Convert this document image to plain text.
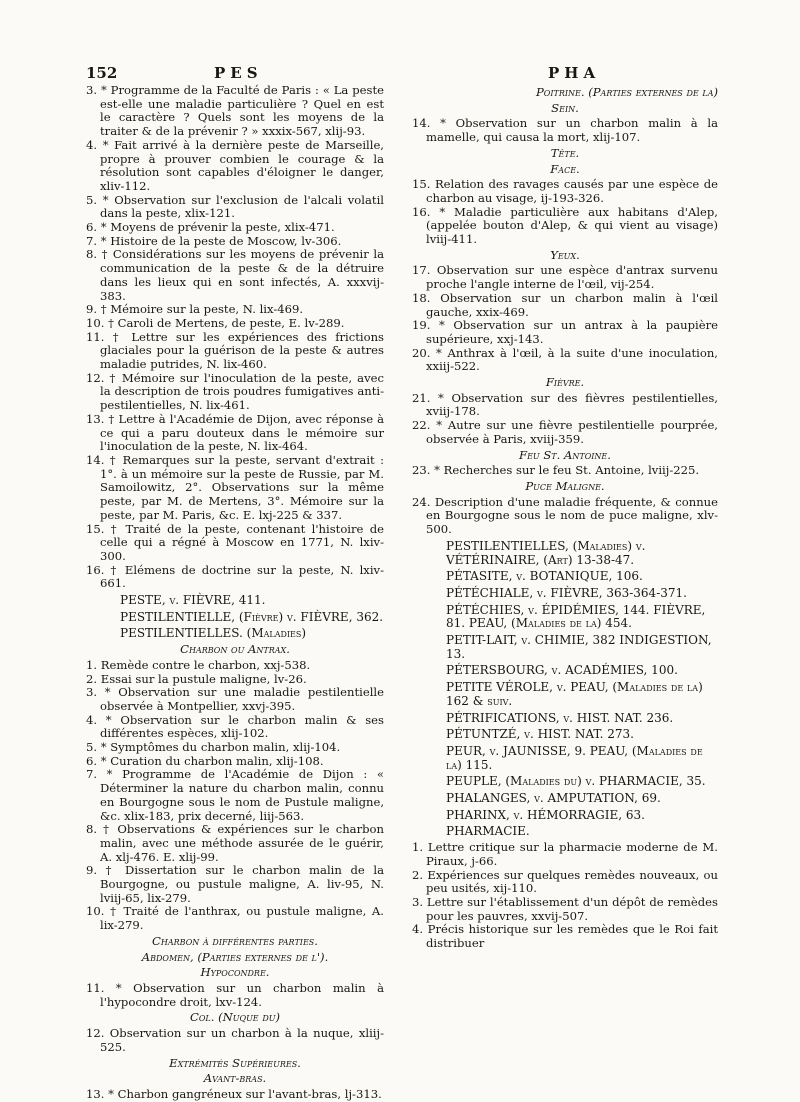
152	PES	PHA
3. * Programme de la Faculté de Paris : « La peste est-elle une maladie particulière ? Quel en est le caractère ? Quels sont les moyens de la traiter & de la prévenir ? » xxxix-567, xlij-93.
4. * Fait arrivé à la dernière peste de Marseille, propre à prouver combien le courage & la résolution sont capables d'éloigner le danger, xliv-112.
5. * Observation sur l'exclusion de l'alcali volatil dans la peste, xlix-121.
6. * Moyens de prévenir la peste, xlix-471.
7. * Histoire de la peste de Moscow, lv-306.
8. † Considérations sur les moyens de prévenir la communication de la peste & de la détruire dans les lieux qui en sont infectés, A. xxxvij-383.
9. † Mémoire sur la peste, N. lix-469.
10. † Caroli de Mertens, de peste, E. lv-289.
11. † Lettre sur les expériences des frictions glaciales pour la guérison de la peste & autres maladie putrides, N. lix-460.
12. † Mémoire sur l'inoculation de la peste, avec la description de trois poudres fumigatives anti-pestilentielles, N. lix-461.
13. † Lettre à l'Académie de Dijon, avec réponse à ce qui a paru douteux dans le mémoire sur l'inoculation de la peste, N. lix-464.
14. † Remarques sur la peste, servant d'extrait : 1°. à un mémoire sur la peste de Russie, par M. Samoilowitz, 2°. Observations sur la même peste, par M. de Mertens, 3°. Mémoire sur la peste, par M. Paris, &c. E. lxj-225 & 337.
15. † Traité de la peste, contenant l'histoire de celle qui a régné à Moscow en 1771, N. lxiv-300.
16. † Elémens de doctrine sur la peste, N. lxiv-661.
PESTE, v. FIÈVRE, 411.
PESTILENTIELLE, (Fièvre) v. FIÈVRE, 362.
PESTILENTIELLES. (Maladies)
Charbon ou Antrax.
1. Remède contre le charbon, xxj-538.
2. Essai sur la pustule maligne, lv-26.
3. * Observation sur une maladie pestilentielle observée à Montpellier, xxvj-395.
4. * Observation sur le charbon malin & ses différentes espèces, xlij-102.
5. * Symptômes du charbon malin, xlij-104.
6. * Curation du charbon malin, xlij-108.
7. * Programme de l'Académie de Dijon : « Déterminer la nature du charbon malin, connu en Bourgogne sous le nom de Pustule maligne, &c. xlix-183, prix decerné, liij-563.
8. † Observations & expériences sur le charbon malin, avec une méthode assurée de le guérir, A. xlj-476. E. xlij-99.
9. † Dissertation sur le charbon malin de la Bourgogne, ou pustule maligne, A. liv-95, N. lviij-65, lix-279.
10. † Traité de l'anthrax, ou pustule maligne, A. lix-279.
Charbon à différentes parties.
Abdomen, (Parties externes de l').
Hypocondre.
11. * Observation sur un charbon malin à l'hypocondre droit, lxv-124.
Col. (Nuque du)
12. Observation sur un charbon à la nuque, xliij-525.
Extrémités Supérieures.
Avant-bras.
13. * Charbon gangréneux sur l'avant-bras, lj-313.
Poitrine. (Parties externes de la)
Sein.
14. * Observation sur un charbon malin à la mamelle, qui causa la mort, xlij-107.
Tête.
Face.
15. Relation des ravages causés par une espèce de charbon au visage, ij-193-326.
16. * Maladie particulière aux habitans d'Alep, (appelée bouton d'Alep, & qui vient au visage) lviij-411.
Yeux.
17. Observation sur une espèce d'antrax survenu proche l'angle interne de l'œil, vij-254.
18. Observation sur un charbon malin à l'œil gauche, xxix-469.
19. * Observation sur un antrax à la paupière supérieure, xxj-143.
20. * Anthrax à l'œil, à la suite d'une inoculation, xxiij-522.
Fièvre.
21. * Observation sur des fièvres pestilentielles, xviij-178.
22. * Autre sur une fièvre pestilentielle pourprée, observée à Paris, xviij-359.
Feu St. Antoine.
23. * Recherches sur le feu St. Antoine, lviij-225.
Puce Maligne.
24. Description d'une maladie fréquente, & connue en Bourgogne sous le nom de puce maligne, xlv-500.
PESTILENTIELLES, (Maladies) v. VÉTÉRINAIRE, (Art) 13-38-47.
PÉTASITE, v. BOTANIQUE, 106.
PÉTÉCHIALE, v. FIÈVRE, 363-364-371.
PÉTÉCHIES, v. ÉPIDÉMIES, 144. FIÈVRE, 81. PEAU, (Maladies de la) 454.
PETIT-LAIT, v. CHIMIE, 382 INDIGESTION, 13.
PÉTERSBOURG, v. ACADÉMIES, 100.
PETITE VÉROLE, v. PEAU, (Maladies de la) 162 & suiv.
PÉTRIFICATIONS, v. HIST. NAT. 236.
PÉTUNTZÉ, v. HIST. NAT. 273.
PEUR, v. JAUNISSE, 9. PEAU, (Maladies de la) 115.
PEUPLE, (Maladies du) v. PHARMACIE, 35.
PHALANGES, v. AMPUTATION, 69.
PHARINX, v. HÉMORRAGIE, 63.
PHARMACIE.
1. Lettre critique sur la pharmacie moderne de M. Piraux, j-66.
2. Expériences sur quelques remèdes nouveaux, ou peu usités, xij-110.
3. Lettre sur l'établissement d'un dépôt de remèdes pour les pauvres, xxvij-507.
4. Précis historique sur les remèdes que le Roi fait distribuer
